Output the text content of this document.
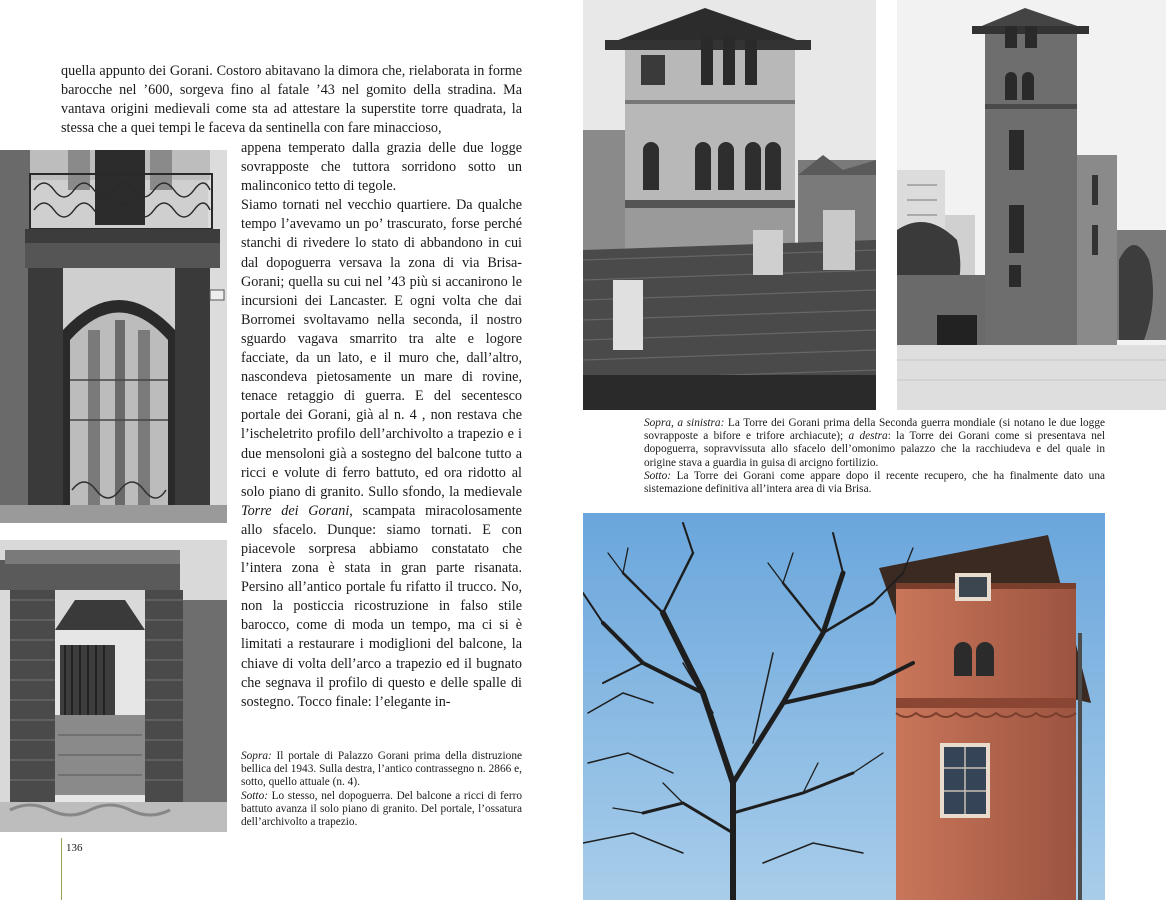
quella appunto dei Gorani. Costoro abitavano la dimora che, rielaborata in forme barocche nel ’600, sorgeva fino al fatale ’43 nel gomito della stradina. Ma vantava origini medievali come sta ad attestare la superstite torre quadrata, la stessa che a quei tempi le faceva da sentinella con fare minaccioso,
appena temperato dalla grazia delle due logge sovrapposte che tuttora sorridono sotto un malinconico tetto di tegole.
Siamo tornati nel vecchio quartiere. Da qualche tempo l’avevamo un po’ trascurato, forse perché stanchi di rivedere lo stato di abbandono in cui dal dopoguerra versava la zona di via Brisa-Gorani; quella su cui nel ’43 più si accanirono le incursioni dei Lancaster. E ogni volta che dai Borromei svoltavamo nella seconda, il nostro sguardo vagava smarrito tra alte e logore facciate, da un lato, e il muro che, dall’altro, nascondeva pietosamente un mare di rovine, tenace retaggio di guerra. E del secentesco portale dei Gorani, già al n. 4 , non restava che l’ischeletrito profilo dell’archivolto a trapezio e i due mensoloni già a sostegno del balcone tutto a ricci e volute di ferro battuto, ed ora ridotto al solo piano di granito. Sullo sfondo, la medievale Torre dei Gorani, scampata miracolosamente allo sfacelo. Dunque: siamo tornati. E con piacevole sorpresa abbiamo constatato che l’intera zona è stata in gran parte risanata. Persino all’antico portale fu rifatto il trucco. No, non la posticcia ricostruzione in falso stile barocco, come di moda un tempo, ma ci si è limitati a restaurare i modiglioni del balcone, la chiave di volta dell’arco a trapezio ed il bugnato che segnava il profilo di questo e delle spalle di sostegno. Tocco finale: l’elegante in-
Sopra: Il portale di Palazzo Gorani prima della distruzione bellica del 1943. Sulla destra, l’antico contrassegno n. 2866 e, sotto, quello attuale (n. 4).
Sotto: Lo stesso, nel dopoguerra. Del balcone a ricci di ferro battuto avanza il solo piano di granito. Del portale, l’ossatura dell’archivolto a trapezio.
136
Sopra, a sinistra: La Torre dei Gorani prima della Seconda guerra mondiale (si notano le due logge sovrapposte a bifore e trifore archiacute); a destra: la Torre dei Gorani come si presentava nel dopoguerra, sopravvissuta allo sfacelo dell’omonimo palazzo che la racchiudeva e del quale in origine stava a guardia in guisa di arcigno fortilizio.
Sotto: La Torre dei Gorani come appare dopo il recente recupero, che ha finalmente dato una sistemazione definitiva all’intera area di via Brisa.
